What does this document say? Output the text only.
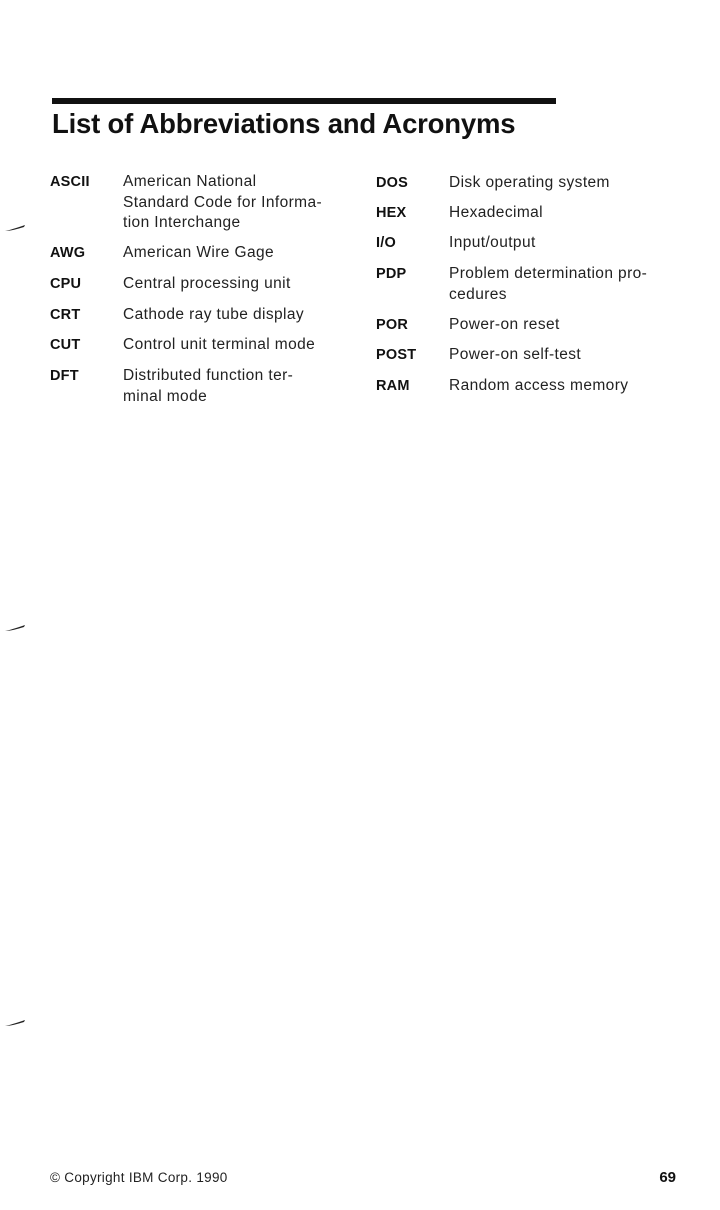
List of Abbreviations and Acronyms
ASCII American National
Standard Code for Informa-
tion Interchange
AWG American Wire Gage
CPU	Central processing unit
CRT	Cathode ray tube display
CUT	Control unit terminal mode
DFT	Distributed function ter-
minal mode
DOS	Disk operating system
HEX	Hexadecimal
I/O	Input/output
PDP	Problem determination pro-
cedures
POR	Power-on reset
POST Power-on self-test
RAM	Random access memory
© Copyright IBM Corp. 1990	69
